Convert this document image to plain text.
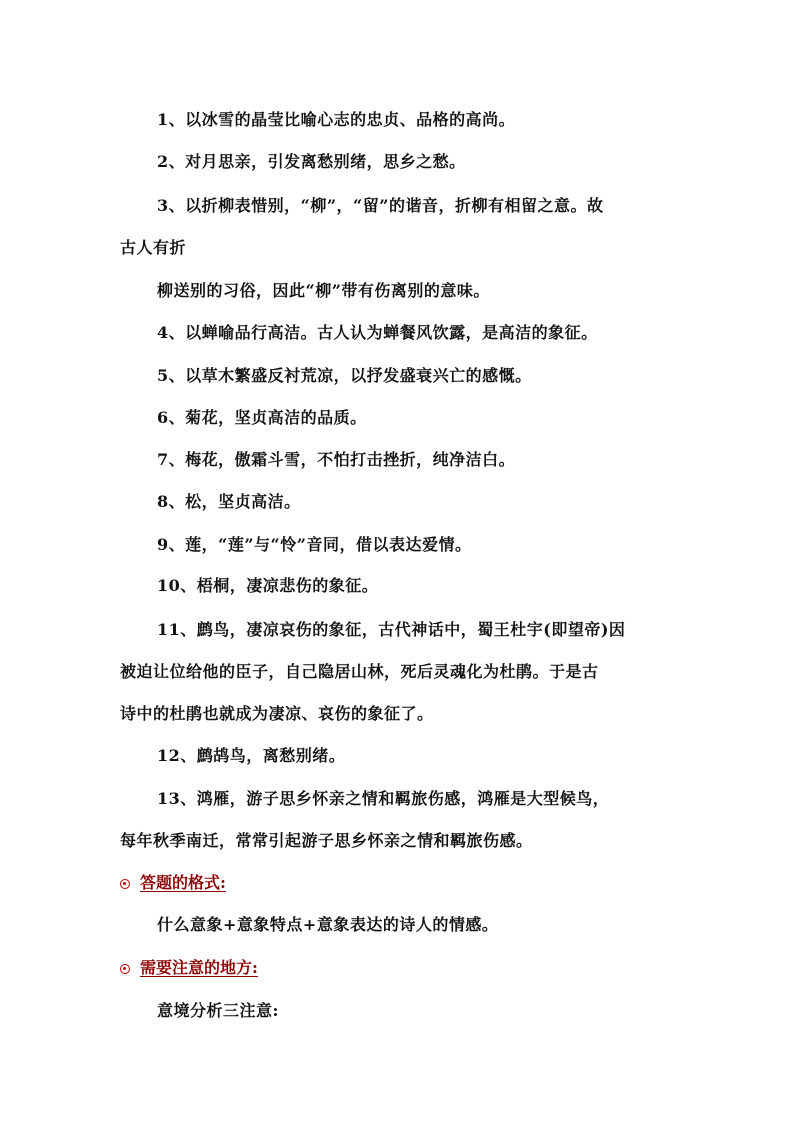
1、以冰雪的晶莹比喻心志的忠贞、品格的高尚。
2、对月思亲，引发离愁别绪，思乡之愁。
3、以折柳表惜别，“柳”，“留”的谐音，折柳有相留之意。故
古人有折
柳送别的习俗，因此“柳”带有伤离别的意味。
4、以蝉喻品行高洁。古人认为蝉餐风饮露，是高洁的象征。
5、以草木繁盛反衬荒凉，以抒发盛衰兴亡的感慨。
6、菊花，坚贞高洁的品质。
7、梅花，傲霜斗雪，不怕打击挫折，纯净洁白。
8、松，坚贞高洁。
9、莲，“莲”与“怜”音同，借以表达爱情。
10、梧桐，凄凉悲伤的象征。
11、鹧鸟，凄凉哀伤的象征，古代神话中，蜀王杜宇(即望帝)因
被迫让位给他的臣子，自己隐居山林，死后灵魂化为杜鹃。于是古
诗中的杜鹃也就成为凄凉、哀伤的象征了。
12、鹧鸪鸟，离愁别绪。
13、鸿雁，游子思乡怀亲之情和羁旅伤感，鸿雁是大型候鸟，
每年秋季南迁，常常引起游子思乡怀亲之情和羁旅伤感。
答题的格式:
什么意象+意象特点+意象表达的诗人的情感。
需要注意的地方:
意境分析三注意:
